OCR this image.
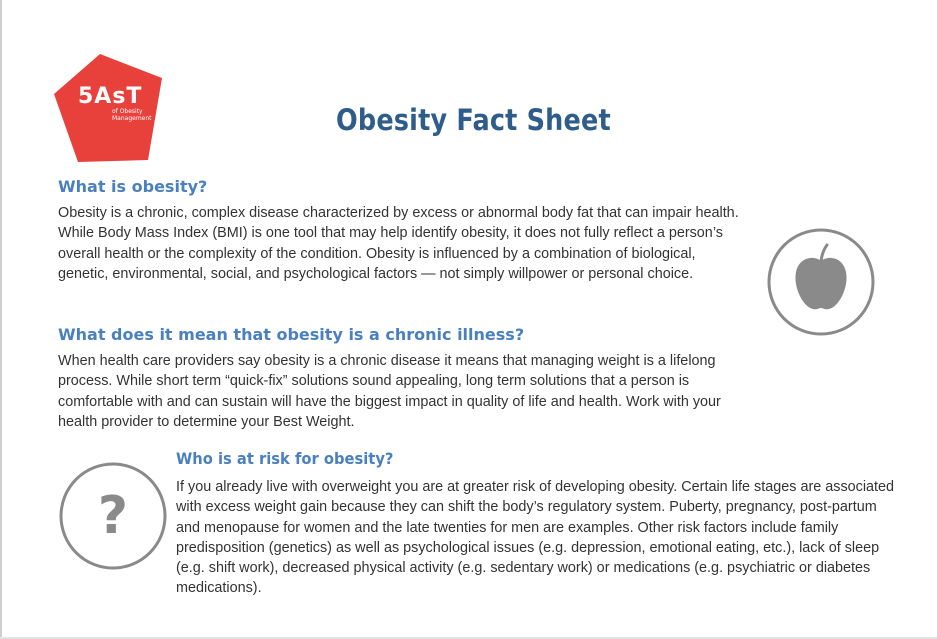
5AsT
of Obesity Management	Obesity Fact Sheet
What is obesity?

Obesity is a chronic, complex disease characterized by excess or abnormal body fat that can impair health. While Body Mass Index (BMI) is one tool that may help identify obesity, it does not fully reflect a person’s overall health or the complexity of the condition. Obesity is influenced by a combination of biological, genetic, environmental, social, and psychological factors — not simply willpower or personal choice.

What does it mean that obesity is a chronic illness?

When health care providers say obesity is a chronic disease it means that managing weight is a lifelong process. While short term “quick-fix” solutions sound appealing, long term solutions that a person is comfortable with and can sustain will have the biggest impact in quality of life and health. Work with your health provider to determine your Best Weight.

?
Who is at risk for obesity?

If you already live with overweight you are at greater risk of developing obesity. Certain life stages are associated with excess weight gain because they can shift the body’s regulatory system. Puberty, pregnancy, post-partum and menopause for women and the late twenties for men are examples. Other risk factors include family predisposition (genetics) as well as psychological issues (e.g. depression, emotional eating, etc.), lack of sleep (e.g. shift work), decreased physical activity (e.g. sedentary work) or medications (e.g. psychiatric or diabetes medications).
